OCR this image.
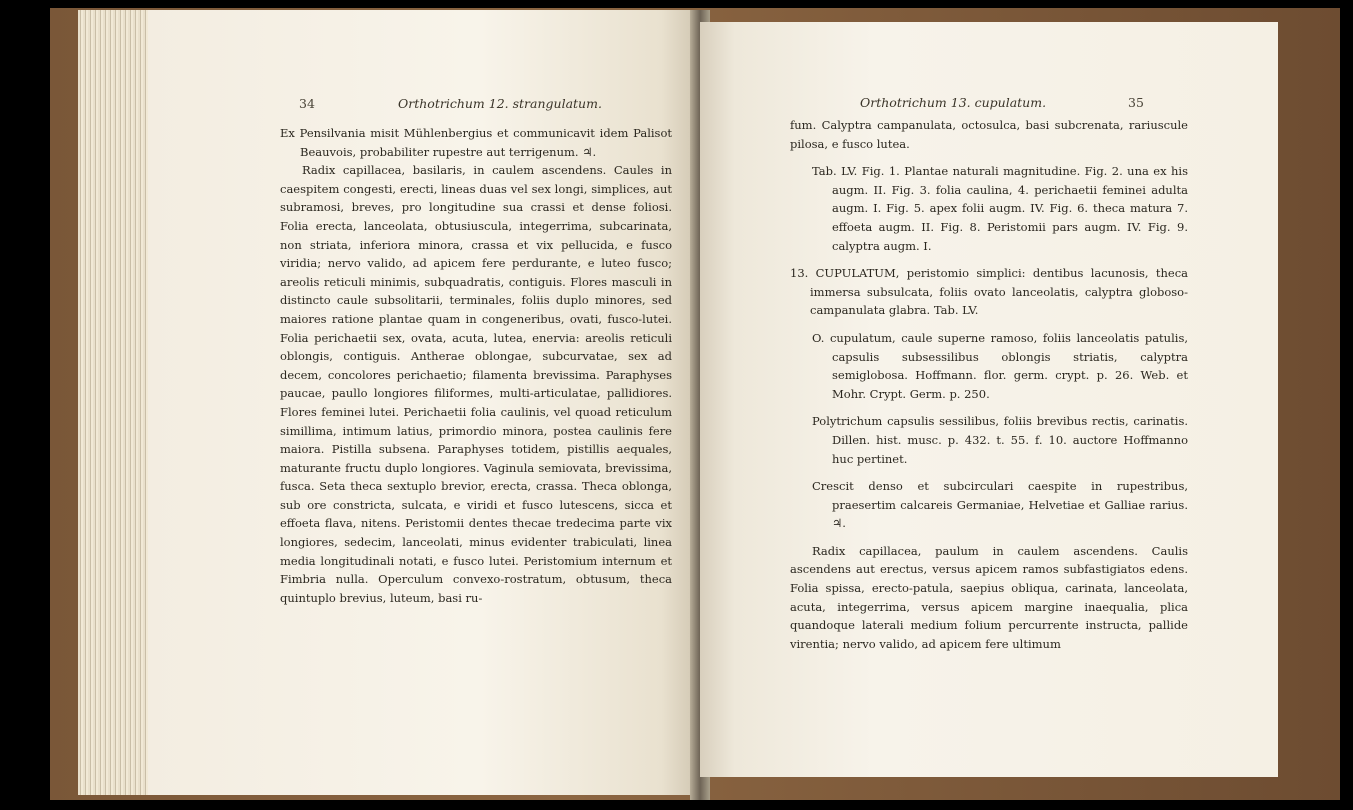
34	Orthotrichum 12. strangulatum.

Ex Pensilvania misit Mühlenbergius et communicavit idem Palisot Beauvois, probabiliter rupestre aut terrigenum. ♃.

Radix capillacea, basilaris, in caulem ascendens. Caules in caespitem congesti, erecti, lineas duas vel sex longi, simplices, aut subramosi, breves, pro longitudine sua crassi et dense foliosi. Folia erecta, lanceolata, obtusiuscula, integerrima, subcarinata, non striata, inferiora minora, crassa et vix pellucida, e fusco viridia; nervo valido, ad apicem fere perdurante, e luteo fusco; areolis reticuli minimis, subquadratis, contiguis. Flores masculi in distincto caule subsolitarii, terminales, foliis duplo minores, sed maiores ratione plantae quam in congeneribus, ovati, fusco-lutei. Folia perichaetii sex, ovata, acuta, lutea, enervia: areolis reticuli oblongis, contiguis. Antherae oblongae, subcurvatae, sex ad decem, concolores perichaetio; filamenta brevissima. Paraphyses paucae, paullo longiores filiformes, multi-articulatae, pallidiores. Flores feminei lutei. Perichaetii folia caulinis, vel quoad reticulum simillima, intimum latius, primordio minora, postea caulinis fere maiora. Pistilla subsena. Paraphyses totidem, pistillis aequales, maturante fructu duplo longiores. Vaginula semiovata, brevissima, fusca. Seta theca sextuplo brevior, erecta, crassa. Theca oblonga, sub ore constricta, sulcata, e viridi et fusco lutescens, sicca et effoeta flava, nitens. Peristomii dentes thecae tredecima parte vix longiores, sedecim, lanceolati, minus evidenter trabiculati, linea media longitudinali notati, e fusco lutei. Peristomium internum et Fimbria nulla. Operculum convexo-rostratum, obtusum, theca quintuplo brevius, luteum, basi ru-

Orthotrichum 13. cupulatum.	35

fum. Calyptra campanulata, octosulca, basi subcrenata, rariuscule pilosa, e fusco lutea.

Tab. LV. Fig. 1. Plantae naturali magnitudine. Fig. 2. una ex his augm. II. Fig. 3. folia caulina, 4. perichaetii feminei adulta augm. I. Fig. 5. apex folii augm. IV. Fig. 6. theca matura 7. effoeta augm. II. Fig. 8. Peristomii pars augm. IV. Fig. 9. calyptra augm. I.

13. CUPULATUM, peristomio simplici: dentibus lacunosis, theca immersa subsulcata, foliis ovato lanceolatis, calyptra globoso-campanulata glabra. Tab. LV.

O. cupulatum, caule superne ramoso, foliis lanceolatis patulis, capsulis subsessilibus oblongis striatis, calyptra semiglobosa. Hoffmann. flor. germ. crypt. p. 26. Web. et Mohr. Crypt. Germ. p. 250.

Polytrichum capsulis sessilibus, foliis brevibus rectis, carinatis. Dillen. hist. musc. p. 432. t. 55. f. 10. auctore Hoffmanno huc pertinet.

Crescit denso et subcirculari caespite in rupestribus, praesertim calcareis Germaniae, Helvetiae et Galliae rarius. ♃.

Radix capillacea, paulum in caulem ascendens. Caulis ascendens aut erectus, versus apicem ramos subfastigiatos edens. Folia spissa, erecto-patula, saepius obliqua, carinata, lanceolata, acuta, integerrima, versus apicem margine inaequalia, plica quandoque laterali medium folium percurrente instructa, pallide virentia; nervo valido, ad apicem fere ultimum
